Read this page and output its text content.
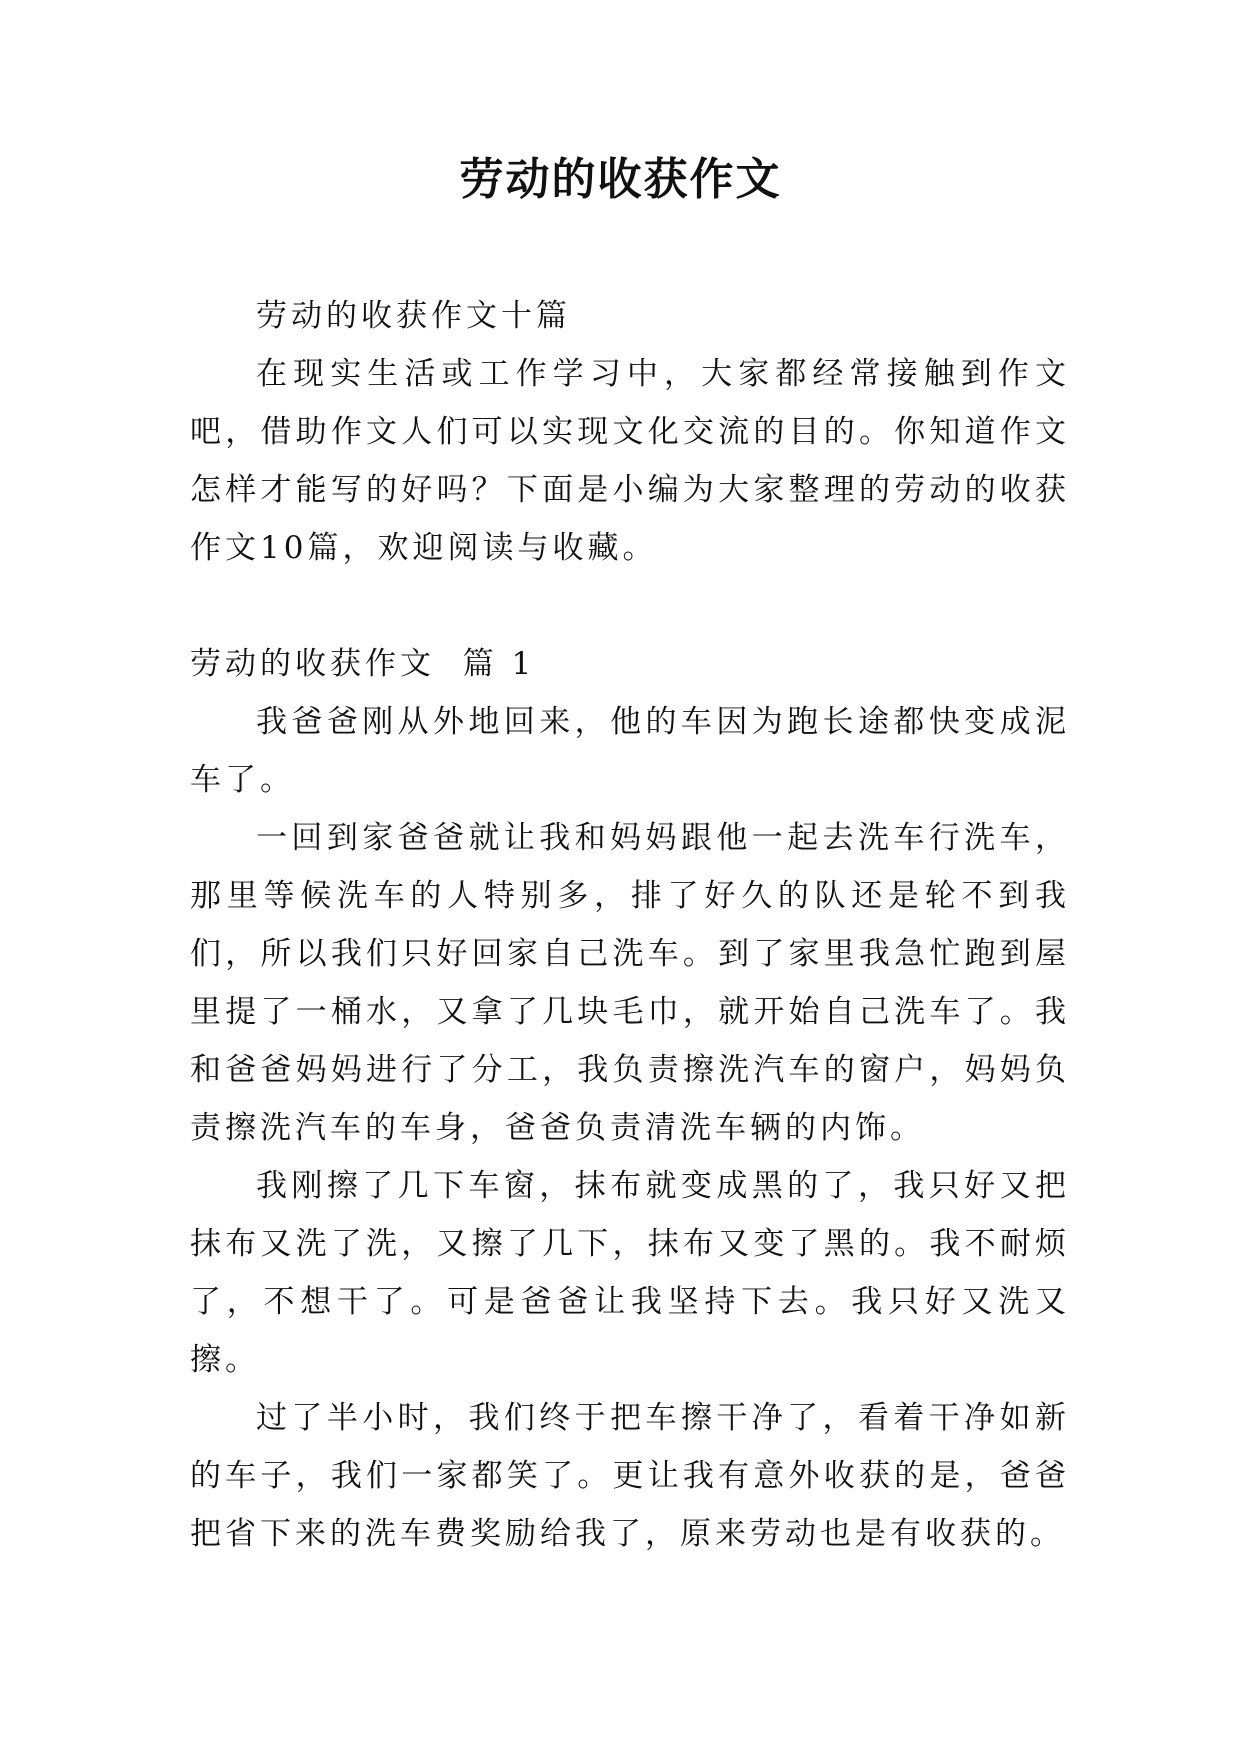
劳动的收获作文

劳动的收获作文十篇

在现实生活或工作学习中，大家都经常接触到作文吧，借助作文人们可以实现文化交流的目的。你知道作文怎样才能写的好吗？下面是小编为大家整理的劳动的收获作文10篇，欢迎阅读与收藏。

劳动的收获作文  篇 1

我爸爸刚从外地回来，他的车因为跑长途都快变成泥车了。

一回到家爸爸就让我和妈妈跟他一起去洗车行洗车，那里等候洗车的人特别多，排了好久的队还是轮不到我们，所以我们只好回家自己洗车。到了家里我急忙跑到屋里提了一桶水，又拿了几块毛巾，就开始自己洗车了。我和爸爸妈妈进行了分工，我负责擦洗汽车的窗户，妈妈负责擦洗汽车的车身，爸爸负责清洗车辆的内饰。

我刚擦了几下车窗，抹布就变成黑的了，我只好又把抹布又洗了洗，又擦了几下，抹布又变了黑的。我不耐烦了，不想干了。可是爸爸让我坚持下去。我只好又洗又擦。

过了半小时，我们终于把车擦干净了，看着干净如新的车子，我们一家都笑了。更让我有意外收获的是，爸爸把省下来的洗车费奖励给我了，原来劳动也是有收获的。
